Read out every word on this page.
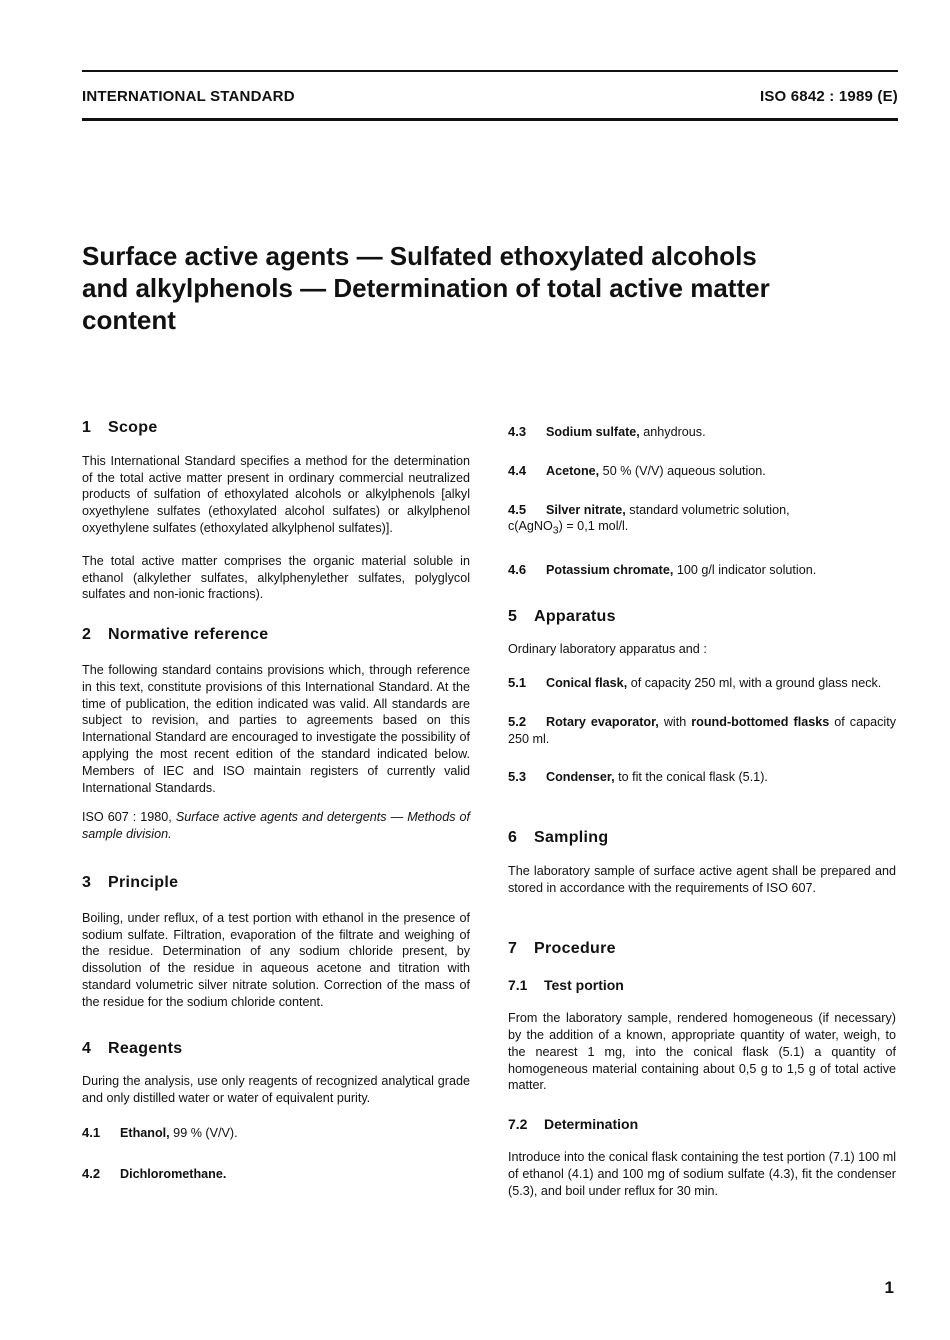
INTERNATIONAL STANDARD	ISO 6842 : 1989 (E)
Surface active agents — Sulfated ethoxylated alcohols
and alkylphenols — Determination of total active matter
content
1 Scope

This International Standard specifies a method for the determination of the total active matter present in ordinary commercial neutralized products of sulfation of ethoxylated alcohols or alkylphenols [alkyl oxyethylene sulfates (ethoxylated alcohol sulfates) or alkylphenol oxyethylene sulfates (ethoxylated alkylphenol sulfates)].

The total active matter comprises the organic material soluble in ethanol (alkylether sulfates, alkylphenylether sulfates, polyglycol sulfates and non-ionic fractions).

2 Normative reference

The following standard contains provisions which, through reference in this text, constitute provisions of this International Standard. At the time of publication, the edition indicated was valid. All standards are subject to revision, and parties to agreements based on this International Standard are encouraged to investigate the possibility of applying the most recent edition of the standard indicated below. Members of IEC and ISO maintain registers of currently valid International Standards.

ISO 607 : 1980, Surface active agents and detergents — Methods of sample division.

3 Principle

Boiling, under reflux, of a test portion with ethanol in the presence of sodium sulfate. Filtration, evaporation of the filtrate and weighing of the residue. Determination of any sodium chloride present, by dissolution of the residue in aqueous acetone and titration with standard volumetric silver nitrate solution. Correction of the mass of the residue for the sodium chloride content.

4 Reagents

During the analysis, use only reagents of recognized analytical grade and only distilled water or water of equivalent purity.

4.1 Ethanol, 99 % (V/V).

4.2 Dichloromethane.

4.3 Sodium sulfate, anhydrous.

4.4 Acetone, 50 % (V/V) aqueous solution.

4.5 Silver nitrate, standard volumetric solution,
c(AgNO$_3$) = 0,1 mol/l.

4.6 Potassium chromate, 100 g/l indicator solution.

5 Apparatus

Ordinary laboratory apparatus and :

5.1 Conical flask, of capacity 250 ml, with a ground glass neck.

5.2 Rotary evaporator, with round-bottomed flasks of capacity 250 ml.

5.3 Condenser, to fit the conical flask (5.1).

6 Sampling

The laboratory sample of surface active agent shall be prepared and stored in accordance with the requirements of ISO 607.

7 Procedure
7.1 Test portion

From the laboratory sample, rendered homogeneous (if necessary) by the addition of a known, appropriate quantity of water, weigh, to the nearest 1 mg, into the conical flask (5.1) a quantity of homogeneous material containing about 0,5 g to 1,5 g of total active matter.

7.2 Determination

Introduce into the conical flask containing the test portion (7.1) 100 ml of ethanol (4.1) and 100 mg of sodium sulfate (4.3), fit the condenser (5.3), and boil under reflux for 30 min.

1
